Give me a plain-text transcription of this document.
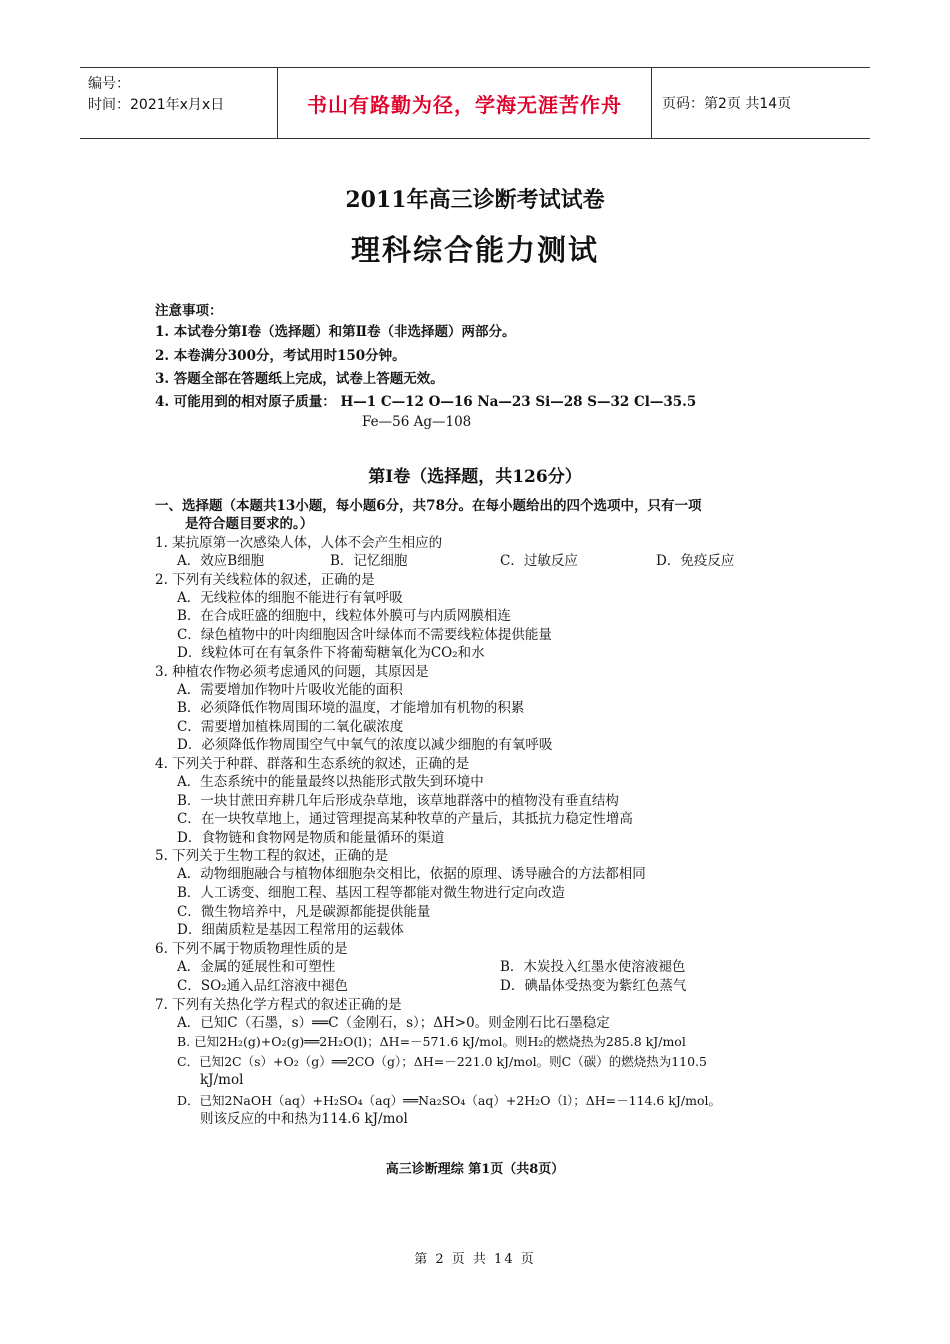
编号：
时间：2021年x月x日	书山有路勤为径，学海无涯苦作舟	页码：第2页 共14页
2011年高三诊断考试试卷
理科综合能力测试
注意事项：
1. 本试卷分第Ⅰ卷（选择题）和第Ⅱ卷（非选择题）两部分。
2. 本卷满分300分，考试用时150分钟。
3. 答题全部在答题纸上完成，试卷上答题无效。
4. 可能用到的相对原子质量： H—1 C—12 O—16 Na—23 Si—28 S—32 Cl—35.5
Fe—56 Ag—108
第Ⅰ卷（选择题，共126分）
一、选择题（本题共13小题，每小题6分，共78分。在每小题给出的四个选项中，只有一项
是符合题目要求的。）
1. 某抗原第一次感染人体，人体不会产生相应的
A．效应B细胞	B．记忆细胞	C．过敏反应	D．免疫反应
2. 下列有关线粒体的叙述，正确的是
A．无线粒体的细胞不能进行有氧呼吸
B．在合成旺盛的细胞中，线粒体外膜可与内质网膜相连
C．绿色植物中的叶肉细胞因含叶绿体而不需要线粒体提供能量
D．线粒体可在有氧条件下将葡萄糖氧化为CO₂和水
3. 种植农作物必须考虑通风的问题，其原因是
A．需要增加作物叶片吸收光能的面积
B．必须降低作物周围环境的温度，才能增加有机物的积累
C．需要增加植株周围的二氧化碳浓度
D．必须降低作物周围空气中氧气的浓度以减少细胞的有氧呼吸
4. 下列关于种群、群落和生态系统的叙述，正确的是
A．生态系统中的能量最终以热能形式散失到环境中
B．一块甘蔗田弃耕几年后形成杂草地，该草地群落中的植物没有垂直结构
C．在一块牧草地上，通过管理提高某种牧草的产量后，其抵抗力稳定性增高
D．食物链和食物网是物质和能量循环的渠道
5. 下列关于生物工程的叙述，正确的是
A．动物细胞融合与植物体细胞杂交相比，依据的原理、诱导融合的方法都相同
B．人工诱变、细胞工程、基因工程等都能对微生物进行定向改造
C．微生物培养中，凡是碳源都能提供能量
D．细菌质粒是基因工程常用的运载体
6. 下列不属于物质物理性质的是
A．金属的延展性和可塑性	B．木炭投入红墨水使溶液褪色
C．SO₂通入品红溶液中褪色	D．碘晶体受热变为紫红色蒸气
7. 下列有关热化学方程式的叙述正确的是
A．已知C（石墨，s）══C（金刚石，s）；ΔH>0。则金刚石比石墨稳定
B. 已知2H₂(g)+O₂(g)══2H₂O(l)；ΔH=－571.6 kJ/mol。则H₂的燃烧热为285.8 kJ/mol
C．已知2C（s）+O₂（g）══2CO（g）；ΔH=－221.0 kJ/mol。则C（碳）的燃烧热为110.5
kJ/mol
D．已知2NaOH（aq）+H₂SO₄（aq）══Na₂SO₄（aq）+2H₂O（l）；ΔH=－114.6 kJ/mol。
则该反应的中和热为114.6 kJ/mol
高三诊断理综 第1页（共8页）
第 2 页 共 14 页
